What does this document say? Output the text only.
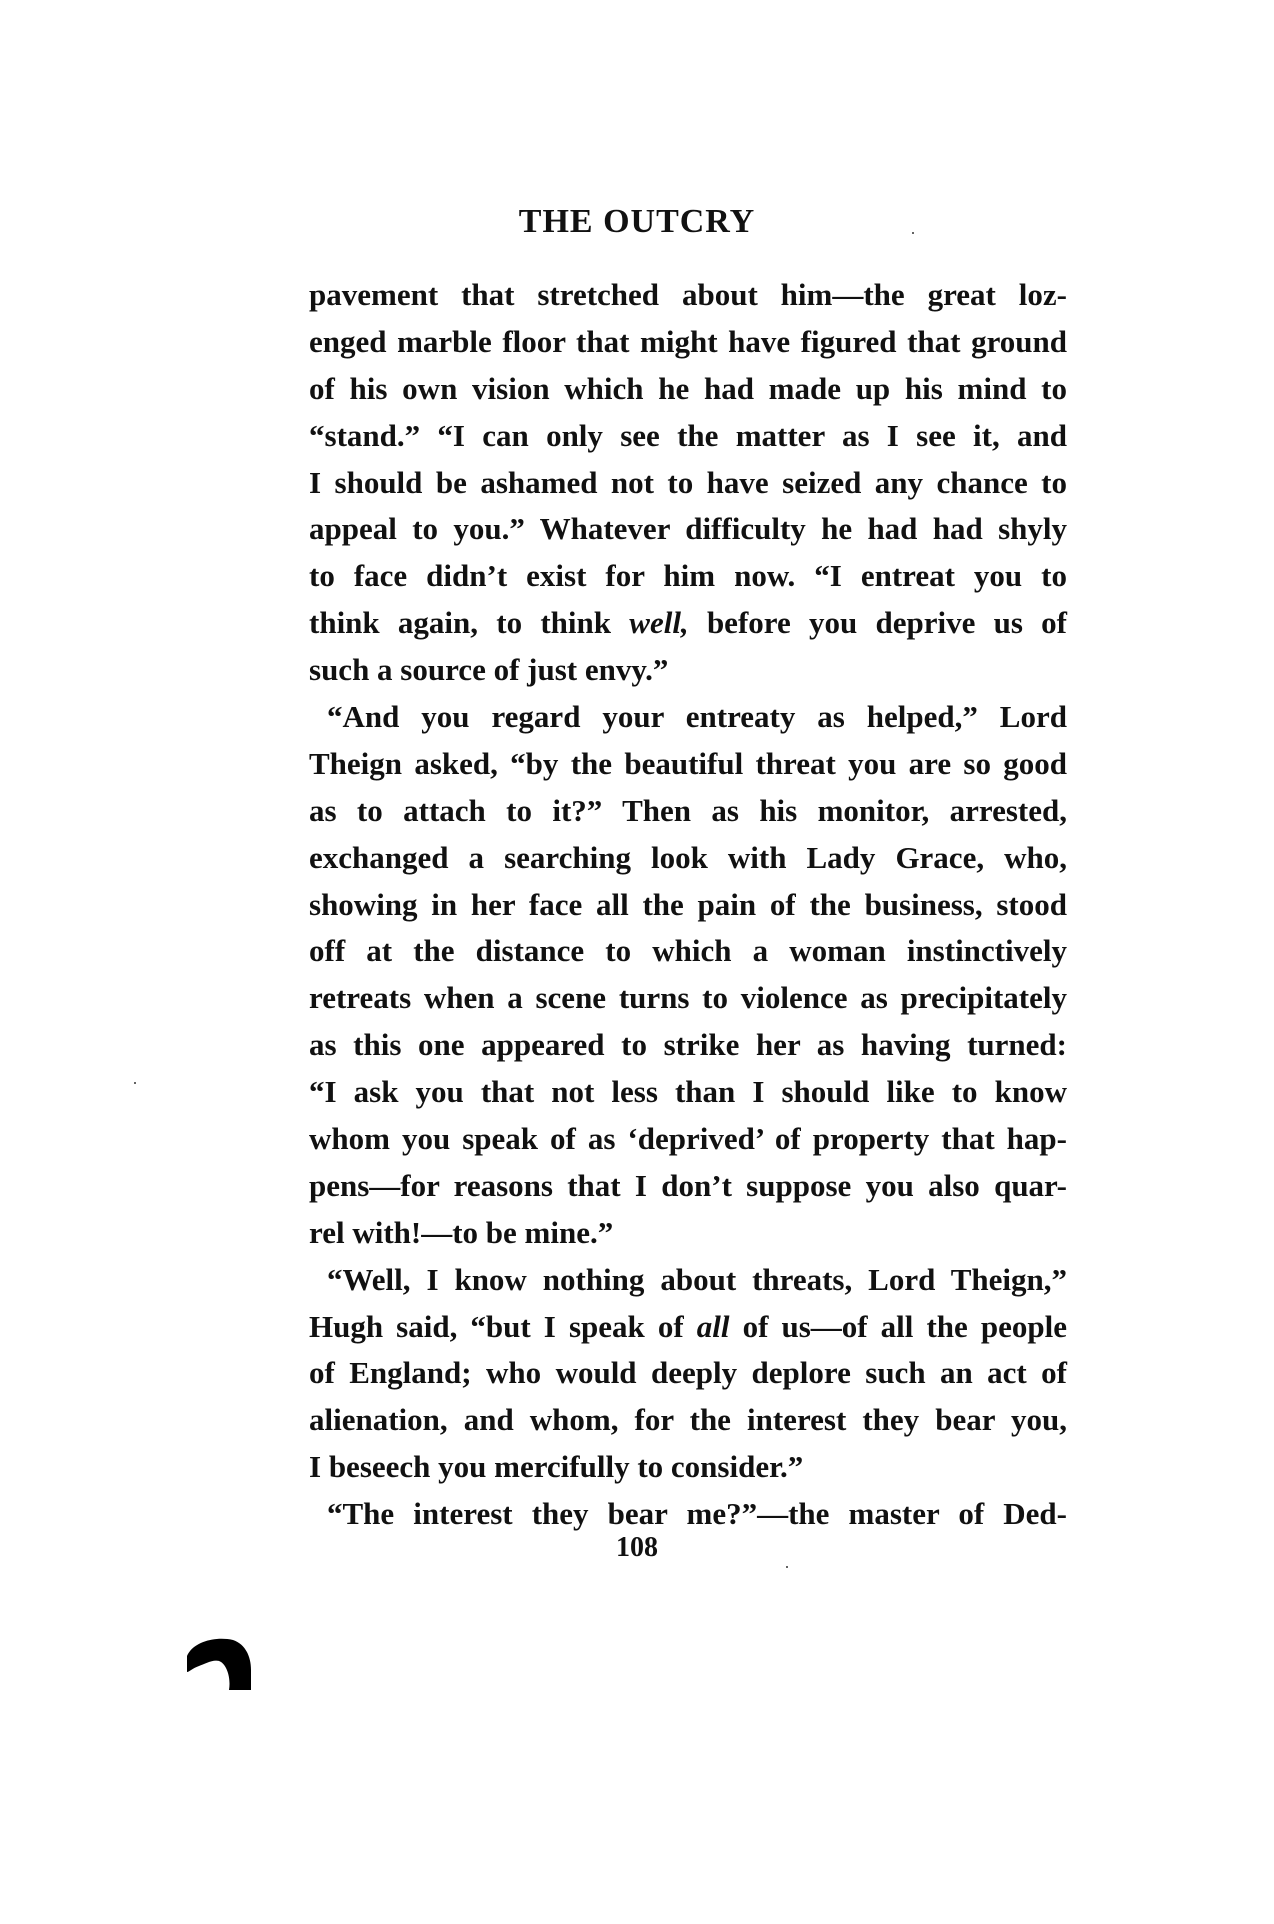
THE OUTCRY
pavement that stretched about him—the great loz-
enged marble floor that might have figured that ground
of his own vision which he had made up his mind to
“stand.” “I can only see the matter as I see it, and
I should be ashamed not to have seized any chance to
appeal to you.” Whatever difficulty he had had shyly
to face didn’t exist for him now. “I entreat you to
think again, to think well, before you deprive us of
such a source of just envy.”
“And you regard your entreaty as helped,” Lord
Theign asked, “by the beautiful threat you are so good
as to attach to it?” Then as his monitor, arrested,
exchanged a searching look with Lady Grace, who,
showing in her face all the pain of the business, stood
off at the distance to which a woman instinctively
retreats when a scene turns to violence as precipitately
as this one appeared to strike her as having turned:
“I ask you that not less than I should like to know
whom you speak of as ‘deprived’ of property that hap-
pens—for reasons that I don’t suppose you also quar-
rel with!—to be mine.”
“Well, I know nothing about threats, Lord Theign,”
Hugh said, “but I speak of all of us—of all the people
of England; who would deeply deplore such an act of
alienation, and whom, for the interest they bear you,
I beseech you mercifully to consider.”
“The interest they bear me?”—the master of Ded-
108
